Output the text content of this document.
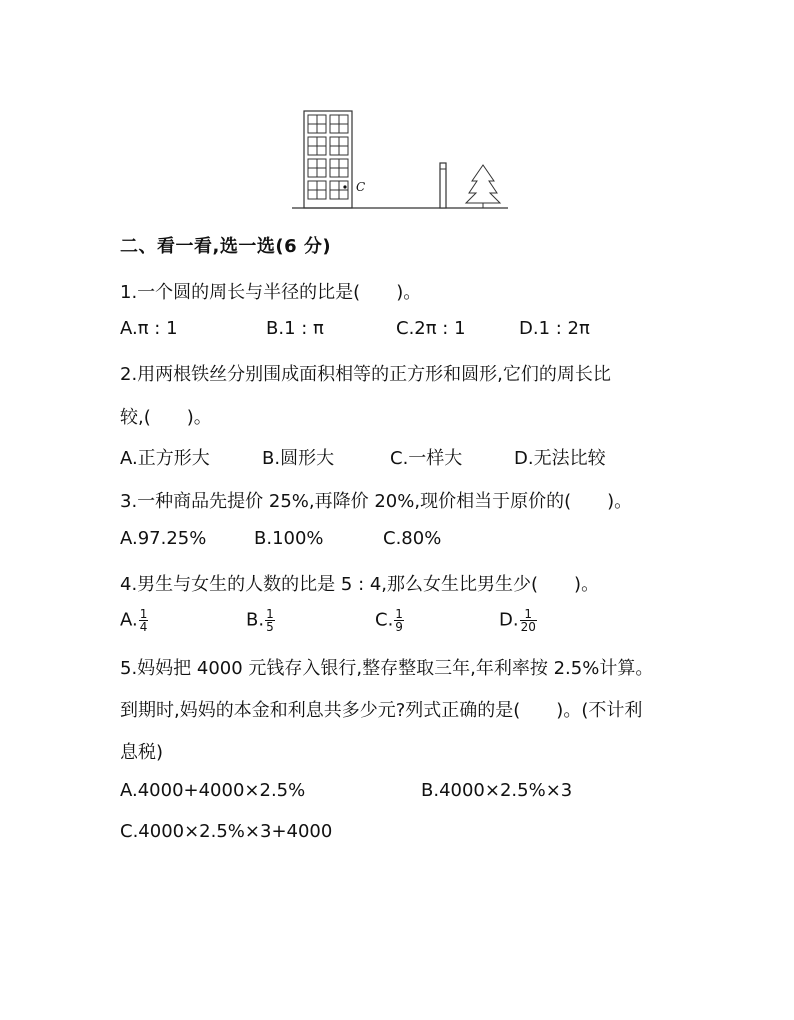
C
二、看一看,选一选(6 分)
1.一个圆的周长与半径的比是(　　)。
A.π : 1	B.1 : π	C.2π : 1	D.1 : 2π
2.用两根铁丝分别围成面积相等的正方形和圆形,它们的周长比
较,(　　)。
A.正方形大	B.圆形大	C.一样大	D.无法比较
3.一种商品先提价 25%,再降价 20%,现价相当于原价的(　　)。
A.97.25%	B.100%	C.80%
4.男生与女生的人数的比是 5 : 4,那么女生比男生少(　　)。
A. $\frac{1}{4}$	B. $\frac{1}{5}$	C. $\frac{1}{9}$	D. $\frac{1}{20}$
5.妈妈把 4000 元钱存入银行,整存整取三年,年利率按 2.5%计算。
到期时,妈妈的本金和利息共多少元?列式正确的是(　　)。(不计利
息税)
A.4000+4000×2.5%	B.4000×2.5%×3
C.4000×2.5%×3+4000
